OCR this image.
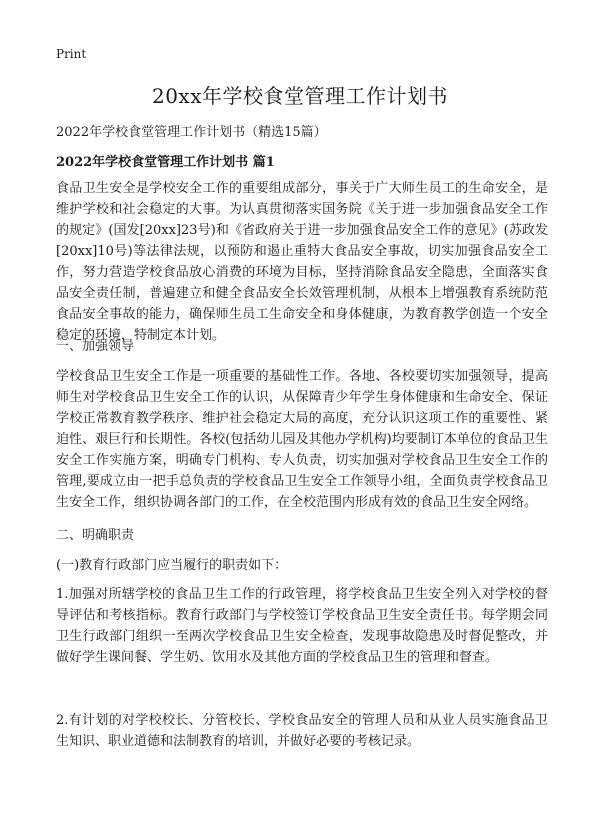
Print
20xx年学校食堂管理工作计划书
2022年学校食堂管理工作计划书（精选15篇）
2022年学校食堂管理工作计划书 篇1

食品卫生安全是学校安全工作的重要组成部分，事关于广大师生员工的生命安全，是维护学校和社会稳定的大事。为认真贯彻落实国务院《关于进一步加强食品安全工作的规定》(国发[20xx]23号)和《省政府关于进一步加强食品安全工作的意见》(苏政发[20xx]10号)等法律法规，以预防和遏止重特大食品安全事故，切实加强食品安全工作，努力营造学校食品放心消费的环境为目标，坚持消除食品安全隐患，全面落实食品安全责任制，普遍建立和健全食品安全长效管理机制，从根本上增强教育系统防范食品安全事故的能力，确保师生员工生命安全和身体健康，为教育教学创造一个安全稳定的环境，特制定本计划。

一、加强领导

学校食品卫生安全工作是一项重要的基础性工作。各地、各校要切实加强领导，提高师生对学校食品卫生安全工作的认识，从保障青少年学生身体健康和生命安全、保证学校正常教育教学秩序、维护社会稳定大局的高度，充分认识这项工作的重要性、紧迫性、艰巨行和长期性。各校(包括幼儿园及其他办学机构)均要制订本单位的食品卫生安全工作实施方案，明确专门机构、专人负责，切实加强对学校食品卫生安全工作的管理,要成立由一把手总负责的学校食品卫生安全工作领导小组，全面负责学校食品卫生安全工作，组织协调各部门的工作，在全校范围内形成有效的食品卫生安全网络。

二、明确职责
(一)教育行政部门应当履行的职责如下：

1.加强对所辖学校的食品卫生工作的行政管理，将学校食品卫生安全列入对学校的督导评估和考核指标。教育行政部门与学校签订学校食品卫生安全责任书。每学期会同卫生行政部门组织一至两次学校食品卫生安全检查，发现事故隐患及时督促整改，并做好学生课间餐、学生奶、饮用水及其他方面的学校食品卫生的管理和督查。

2.有计划的对学校校长、分管校长、学校食品安全的管理人员和从业人员实施食品卫生知识、职业道德和法制教育的培训，并做好必要的考核记录。
